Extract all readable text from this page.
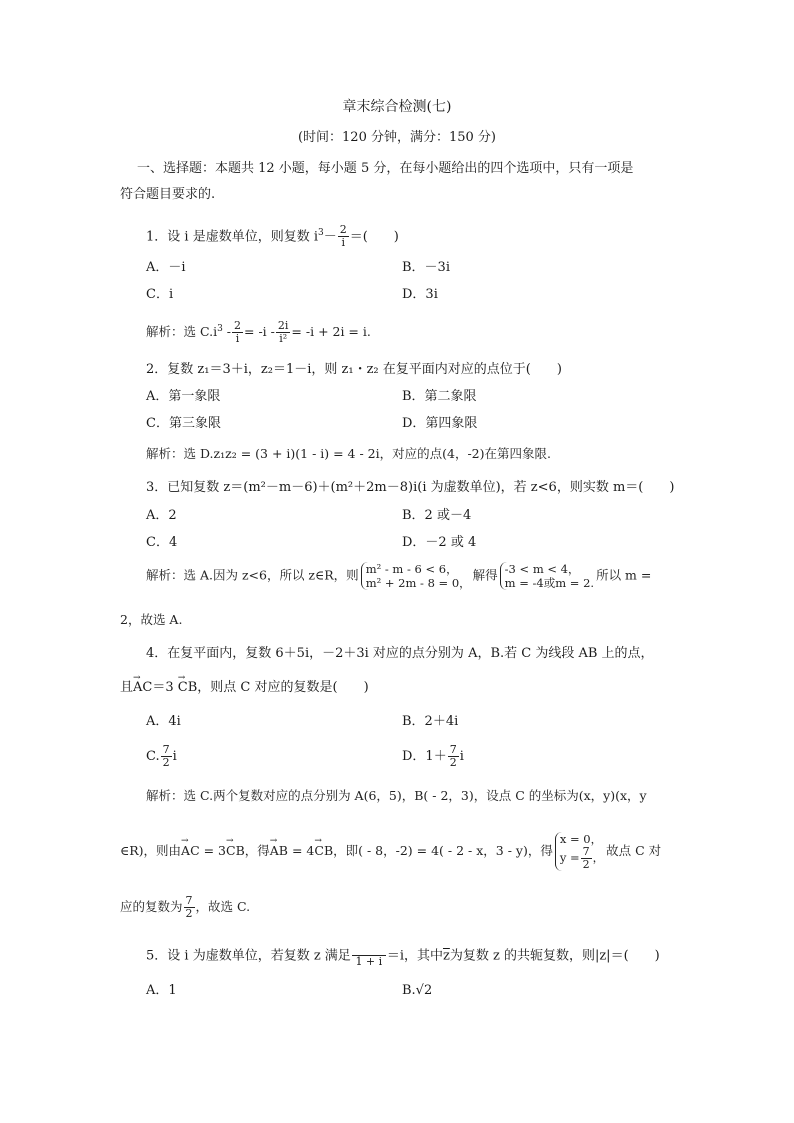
章末综合检测(七)
(时间：120 分钟，满分：150 分)
一、选择题：本题共 12 小题，每小题 5 分，在每小题给出的四个选项中，只有一项是
符合题目要求的.
1．设 i 是虚数单位，则复数 $i^3- \frac{2}{i}$ ＝(　　)
A．－i	B．－3i
C．i	D．3i
解析：选 $C.i^3 - \frac{2}{i} = -i - \frac{2i}{\text{i²}} = -i + 2i = i$.
2．复数 z₁＝3＋i，z₂＝1－i，则 z₁・z₂ 在复平面内对应的点位于(　　)
A．第一象限	B．第二象限
C．第三象限	D．第四象限
解析：选 D.z₁z₂ = (3 + i)(1 - i) = 4 - 2i，对应的点(4，-2)在第四象限.
3．已知复数 z＝(m²－m－6)＋(m²＋2m－8)i(i 为虚数单位)，若 z<6，则实数 m＝(　　)
A．2	B．2 或－4
C．4	D．－2 或 4
解析：选 A.因为 z<6，所以 z∈R，则 m² - m - 6 < 6，
m² + 2m - 8 = 0，
解得 -3 < m < 4，
m = -4或m = 2.
所以 m =
2，故选 A.
4．在复平面内，复数 6＋5i，－2＋3i 对应的点分别为 A，B.若 C 为线段 AB 上的点，
且→ AC＝3 → CB，则点 C 对应的复数是(　　)
A．4i	B．2＋4i
C. $\frac{7}{2}$ i	D．$1+ \frac{7}{2}$ i
解析：选 C.两个复数对应的点分别为 A(6，5)，B( - 2，3)，设点 C 的坐标为(x，y)(x，y
∈R)，则由→ AC = 3→ CB，得→ AB = 4→ CB，即( - 8，-2) = 4( - 2 - x，3 - y)，得
x = 0，
$y = \frac{7}{2}$ ， 故点 C 对
应的复数为 $\frac{7}{2}$ ，故选 C.
5．设 i 为虚数单位，若复数 z 满足 1 + i ＝i，其中$\overline{z}$为复数 z 的共轭复数，则|z|＝(　　)
A．1	B.√2
